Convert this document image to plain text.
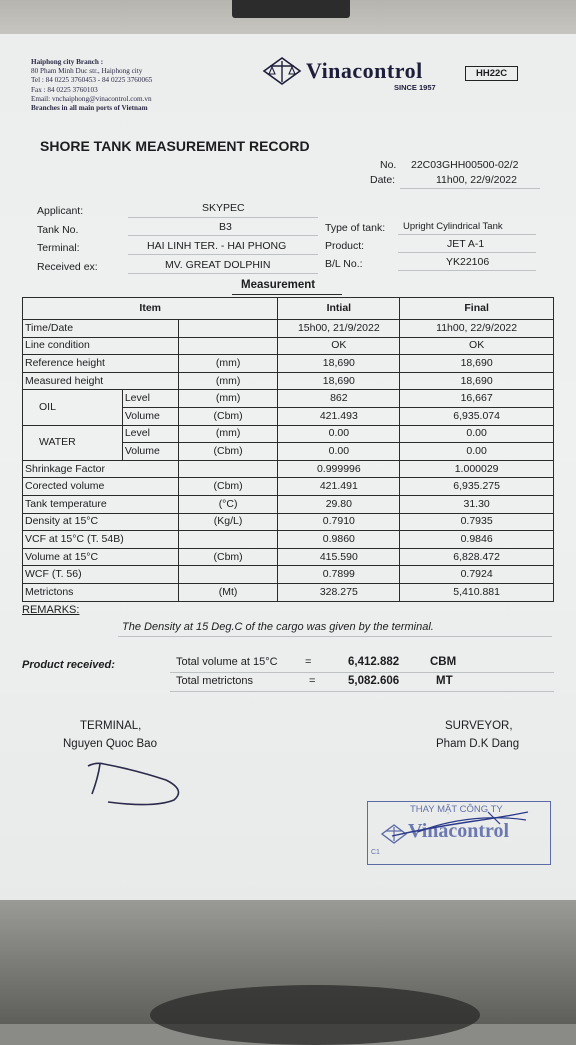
Haiphong city Branch :
80 Pham Minh Duc str., Haiphong city
Tel : 84 0225 3760453 - 84 0225 3760065
Fax : 84 0225 3760103
Email: vnchaiphong@vinacontrol.com.vn
Branches in all main ports of Vietnam
Vinacontrol
SINCE 1957
HH22C
SHORE TANK MEASUREMENT RECORD
No. 22C03GHH00500-02/2
Date:	11h00, 22/9/2022
Applicant:	SKYPEC
Tank No.	B3
Terminal:	HAI LINH TER. - HAI PHONG
Received ex:	MV. GREAT DOLPHIN
Type of tank: Upright Cylindrical Tank
Product:	JET A-1
B/L No.:	YK22106
Measurement
Item			Intial	Final
Time/Date			15h00, 21/9/2022	11h00, 22/9/2022
Line condition			OK	OK
Reference height		(mm)	18,690	18,690
Measured height		(mm)	18,690	18,690
OIL	Level	(mm)	862	16,667
	Volume	(Cbm)	421.493	6,935.074
WATER	Level	(mm)	0.00	0.00
	Volume	(Cbm)	0.00	0.00
Shrinkage Factor			0.999996	1.000029
Corected volume		(Cbm)	421.491	6,935.275
Tank temperature		(°C)	29.80	31.30
Density at 15°C		(Kg/L)	0.7910	0.7935
VCF at 15°C (T. 54B)			0.9860	0.9846
Volume at 15°C		(Cbm)	415.590	6,828.472
WCF (T. 56)			0.7899	0.7924
Metrictons		(Mt)	328.275	5,410.881
REMARKS:
The Density at 15 Deg.C of the cargo was given by the terminal.
Product received:	Total volume at 15°C =	6,412.882	CBM
Total metrictons	=	5,082.606	MT
TERMINAL,
Nguyen Quoc Bao
SURVEYOR,
Pham D.K Dang
THAY MẶT CÔNG TY
Vinacontrol
C1
